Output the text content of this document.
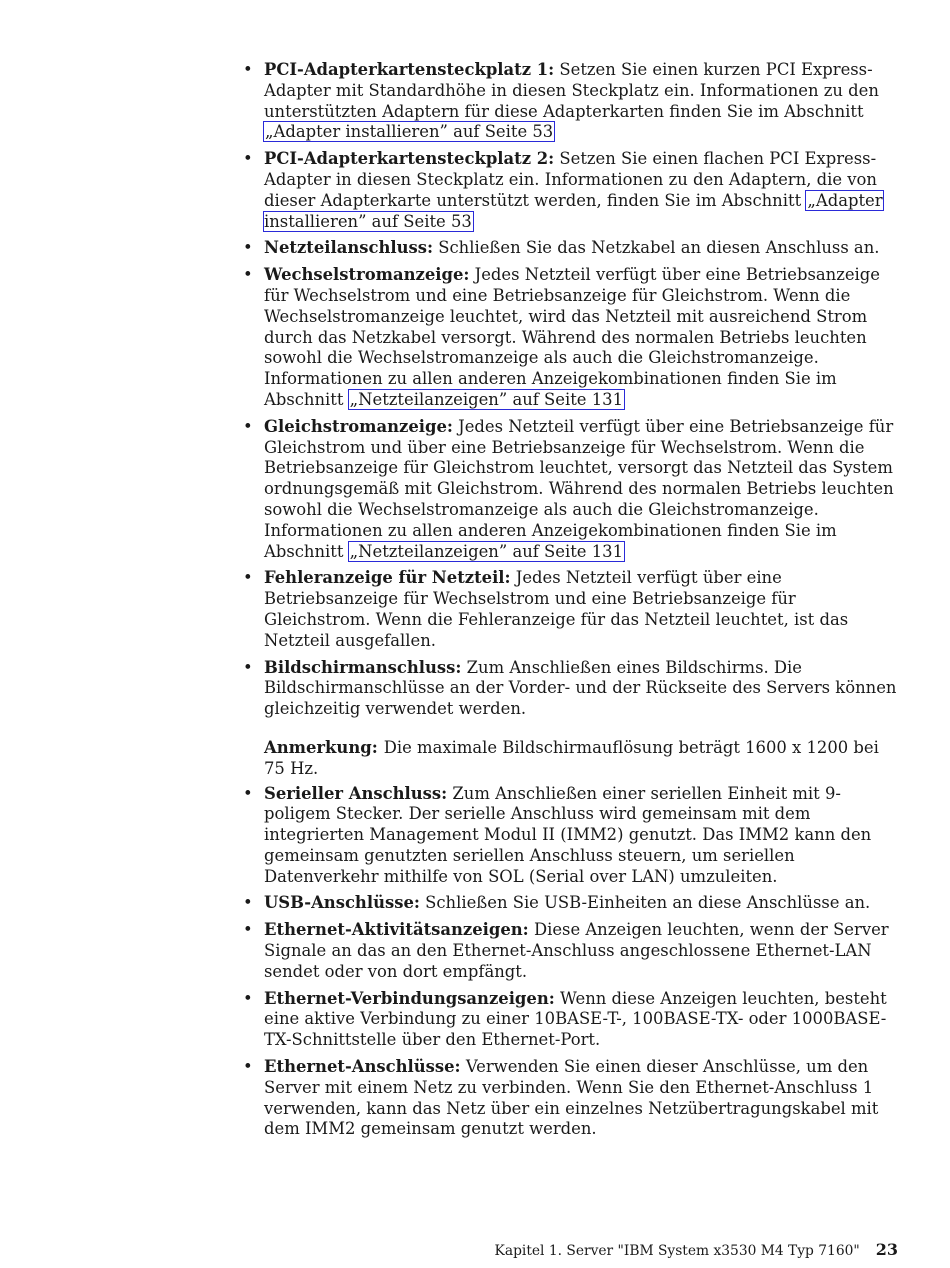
• PCI-Adapterkartensteckplatz 1: Setzen Sie einen kurzen PCI Express-Adapter mit Standardhöhe in diesen Steckplatz ein. Informationen zu den unterstützten Adaptern für diese Adapterkarten finden Sie im Abschnitt „Adapter installieren” auf Seite 53
• PCI-Adapterkartensteckplatz 2: Setzen Sie einen flachen PCI Express-Adapter in diesen Steckplatz ein. Informationen zu den Adaptern, die von dieser Adapterkarte unterstützt werden, finden Sie im Abschnitt „Adapter installieren” auf Seite 53
• Netzteilanschluss: Schließen Sie das Netzkabel an diesen Anschluss an.
• Wechselstromanzeige: Jedes Netzteil verfügt über eine Betriebsanzeige für Wechselstrom und eine Betriebsanzeige für Gleichstrom. Wenn die Wechselstromanzeige leuchtet, wird das Netzteil mit ausreichend Strom durch das Netzkabel versorgt. Während des normalen Betriebs leuchten sowohl die Wechselstromanzeige als auch die Gleichstromanzeige. Informationen zu allen anderen Anzeigekombinationen finden Sie im Abschnitt „Netzteilanzeigen” auf Seite 131
• Gleichstromanzeige: Jedes Netzteil verfügt über eine Betriebsanzeige für Gleichstrom und über eine Betriebsanzeige für Wechselstrom. Wenn die Betriebsanzeige für Gleichstrom leuchtet, versorgt das Netzteil das System ordnungsgemäß mit Gleichstrom. Während des normalen Betriebs leuchten sowohl die Wechselstromanzeige als auch die Gleichstromanzeige. Informationen zu allen anderen Anzeigekombinationen finden Sie im Abschnitt „Netzteilanzeigen” auf Seite 131
• Fehleranzeige für Netzteil: Jedes Netzteil verfügt über eine Betriebsanzeige für Wechselstrom und eine Betriebsanzeige für Gleichstrom. Wenn die Fehleranzeige für das Netzteil leuchtet, ist das Netzteil ausgefallen.
• Bildschirmanschluss: Zum Anschließen eines Bildschirms. Die Bildschirmanschlüsse an der Vorder- und der Rückseite des Servers können gleichzeitig verwendet werden.
Anmerkung: Die maximale Bildschirmauflösung beträgt 1600 x 1200 bei 75 Hz.
• Serieller Anschluss: Zum Anschließen einer seriellen Einheit mit 9-poligem Stecker. Der serielle Anschluss wird gemeinsam mit dem integrierten Management Modul II (IMM2) genutzt. Das IMM2 kann den gemeinsam genutzten seriellen Anschluss steuern, um seriellen Datenverkehr mithilfe von SOL (Serial over LAN) umzuleiten.
• USB-Anschlüsse: Schließen Sie USB-Einheiten an diese Anschlüsse an.
• Ethernet-Aktivitätsanzeigen: Diese Anzeigen leuchten, wenn der Server Signale an das an den Ethernet-Anschluss angeschlossene Ethernet-LAN sendet oder von dort empfängt.
• Ethernet-Verbindungsanzeigen: Wenn diese Anzeigen leuchten, besteht eine aktive Verbindung zu einer 10BASE-T-, 100BASE-TX- oder 1000BASE-TX-Schnittstelle über den Ethernet-Port.
• Ethernet-Anschlüsse: Verwenden Sie einen dieser Anschlüsse, um den Server mit einem Netz zu verbinden. Wenn Sie den Ethernet-Anschluss 1 verwenden, kann das Netz über ein einzelnes Netzübertragungskabel mit dem IMM2 gemeinsam genutzt werden.
Kapitel 1. Server "IBM System x3530 M4 Typ 7160" 23
